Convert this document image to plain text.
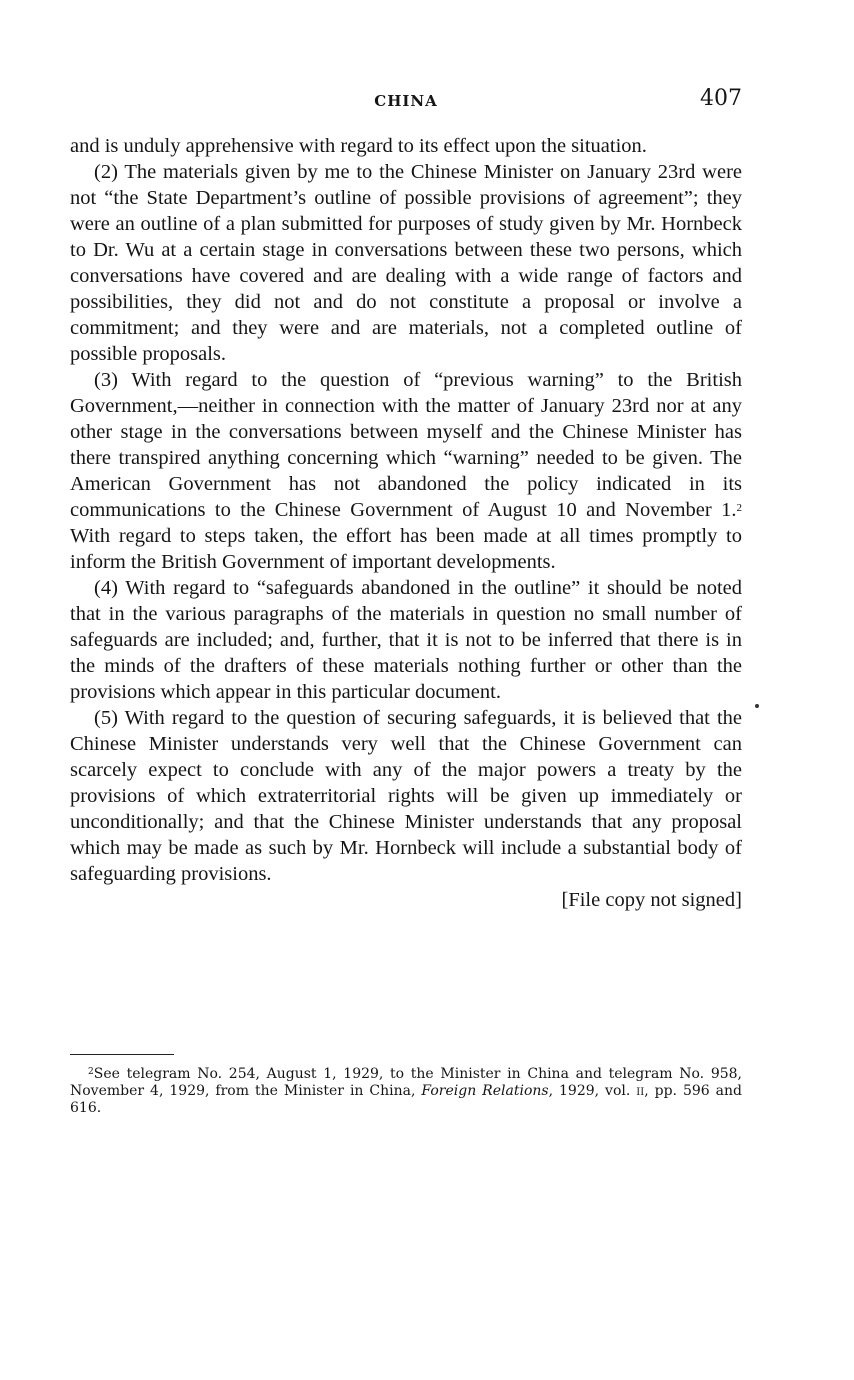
CHINA	407

and is unduly apprehensive with regard to its effect upon the situation.

(2) The materials given by me to the Chinese Minister on January 23rd were not “the State Department’s outline of possible provisions of agreement”; they were an outline of a plan submitted for purposes of study given by Mr. Hornbeck to Dr. Wu at a certain stage in conversations between these two persons, which conversations have covered and are dealing with a wide range of factors and possibilities, they did not and do not constitute a proposal or involve a commitment; and they were and are materials, not a completed outline of possible proposals.

(3) With regard to the question of “previous warning” to the British Government,—neither in connection with the matter of January 23rd nor at any other stage in the conversations between myself and the Chinese Minister has there transpired anything concerning which “warning” needed to be given. The American Government has not abandoned the policy indicated in its communications to the Chinese Government of August 10 and November 1.$^2$ With regard to steps taken, the effort has been made at all times promptly to inform the British Government of important developments.

(4) With regard to “safeguards abandoned in the outline” it should be noted that in the various paragraphs of the materials in question no small number of safeguards are included; and, further, that it is not to be inferred that there is in the minds of the drafters of these materials nothing further or other than the provisions which appear in this particular document.

(5) With regard to the question of securing safeguards, it is believed that the Chinese Minister understands very well that the Chinese Government can scarcely expect to conclude with any of the major powers a treaty by the provisions of which extraterritorial rights will be given up immediately or unconditionally; and that the Chinese Minister understands that any proposal which may be made as such by Mr. Hornbeck will include a substantial body of safeguarding provisions.

[File copy not signed]

$^2$See telegram No. 254, August 1, 1929, to the Minister in China and telegram No. 958, November 4, 1929, from the Minister in China, Foreign Relations, 1929, vol. ii, pp. 596 and 616.
